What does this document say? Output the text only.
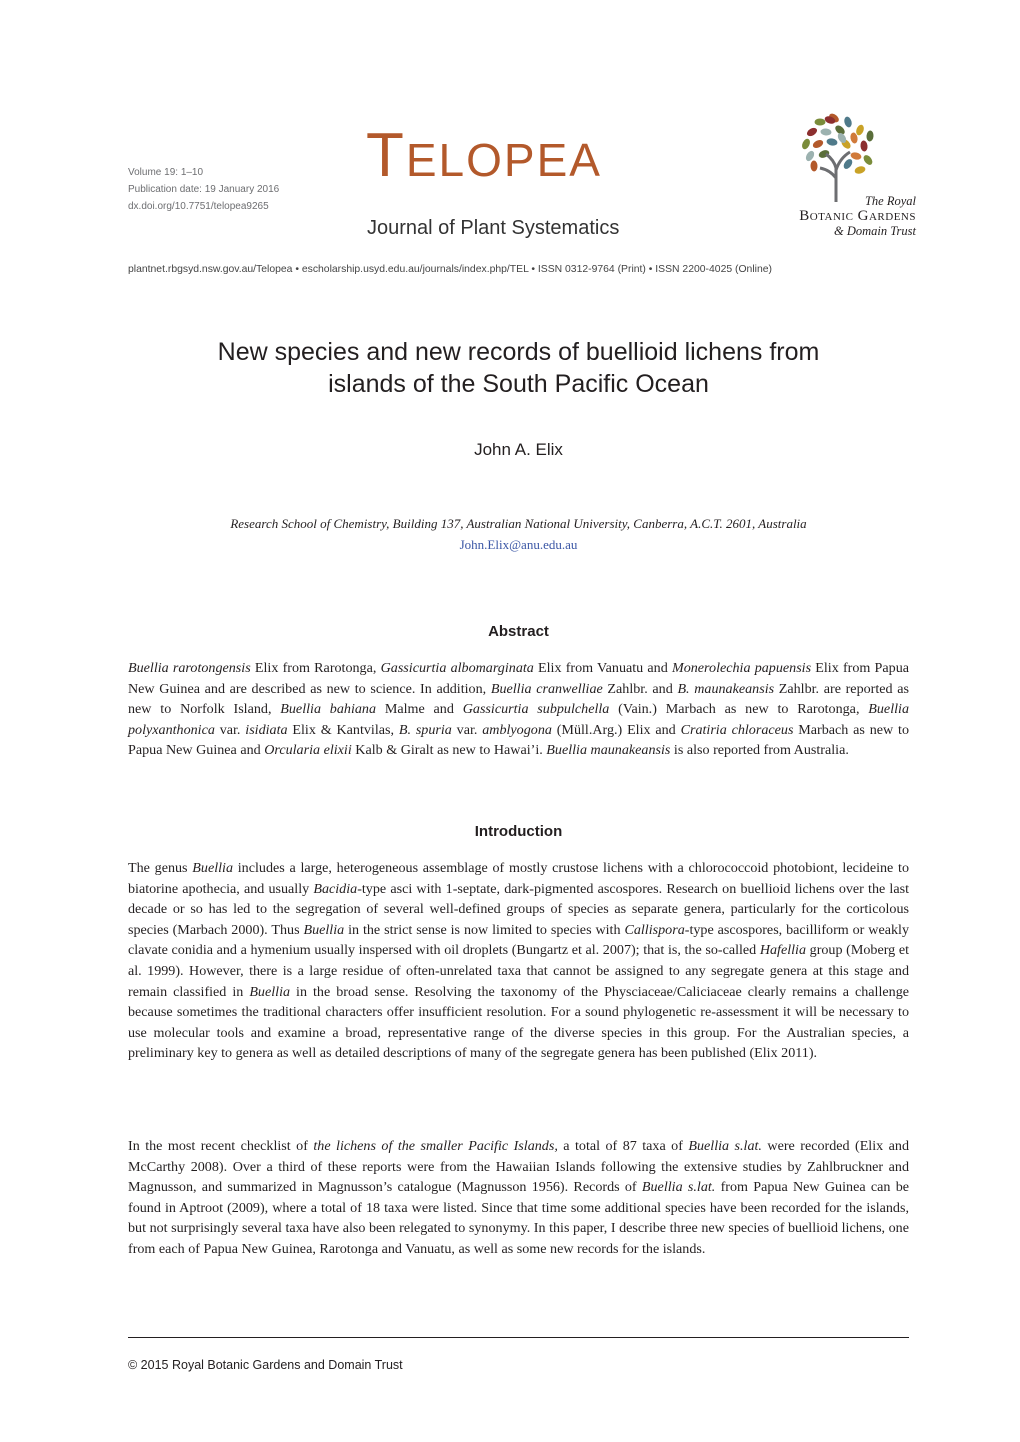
Volume 19: 1–10
Publication date: 19 January 2016
dx.doi.org/10.7751/telopea9265
TELOPEA
Journal of Plant Systematics
The Royal
Botanic Gardens
& Domain Trust
plantnet.rbgsyd.nsw.gov.au/Telopea • escholarship.usyd.edu.au/journals/index.php/TEL • ISSN 0312-9764 (Print) • ISSN 2200-4025 (Online)
New species and new records of buellioid lichens from
islands of the South Pacific Ocean
John A. Elix
Research School of Chemistry, Building 137, Australian National University, Canberra, A.C.T. 2601, Australia
John.Elix@anu.edu.au
Abstract
Buellia rarotongensis Elix from Rarotonga, Gassicurtia albomarginata Elix from Vanuatu and Monerolechia papuensis Elix from Papua New Guinea and are described as new to science. In addition, Buellia cranwelliae Zahlbr. and B. maunakeansis Zahlbr. are reported as new to Norfolk Island, Buellia bahiana Malme and Gassicurtia subpulchella (Vain.) Marbach as new to Rarotonga, Buellia polyxanthonica var. isidiata Elix & Kantvilas, B. spuria var. amblyogona (Müll.Arg.) Elix and Cratiria chloraceus Marbach as new to Papua New Guinea and Orcularia elixii Kalb & Giralt as new to Hawai’i. Buellia maunakeansis is also reported from Australia.
Introduction
The genus Buellia includes a large, heterogeneous assemblage of mostly crustose lichens with a chlorococcoid photobiont, lecideine to biatorine apothecia, and usually Bacidia-type asci with 1-septate, dark-pigmented ascospores. Research on buellioid lichens over the last decade or so has led to the segregation of several well-defined groups of species as separate genera, particularly for the corticolous species (Marbach 2000). Thus Buellia in the strict sense is now limited to species with Callispora-type ascospores, bacilliform or weakly clavate conidia and a hymenium usually inspersed with oil droplets (Bungartz et al. 2007); that is, the so-called Hafellia group (Moberg et al. 1999). However, there is a large residue of often-unrelated taxa that cannot be assigned to any segregate genera at this stage and remain classified in Buellia in the broad sense. Resolving the taxonomy of the Physciaceae/Caliciaceae clearly remains a challenge because sometimes the traditional characters offer insufficient resolution. For a sound phylogenetic re-assessment it will be necessary to use molecular tools and examine a broad, representative range of the diverse species in this group. For the Australian species, a preliminary key to genera as well as detailed descriptions of many of the segregate genera has been published (Elix 2011).
In the most recent checklist of the lichens of the smaller Pacific Islands, a total of 87 taxa of Buellia s.lat. were recorded (Elix and McCarthy 2008). Over a third of these reports were from the Hawaiian Islands following the extensive studies by Zahlbruckner and Magnusson, and summarized in Magnusson’s catalogue (Magnusson 1956). Records of Buellia s.lat. from Papua New Guinea can be found in Aptroot (2009), where a total of 18 taxa were listed. Since that time some additional species have been recorded for the islands, but not surprisingly several taxa have also been relegated to synonymy. In this paper, I describe three new species of buellioid lichens, one from each of Papua New Guinea, Rarotonga and Vanuatu, as well as some new records for the islands.
© 2015 Royal Botanic Gardens and Domain Trust
